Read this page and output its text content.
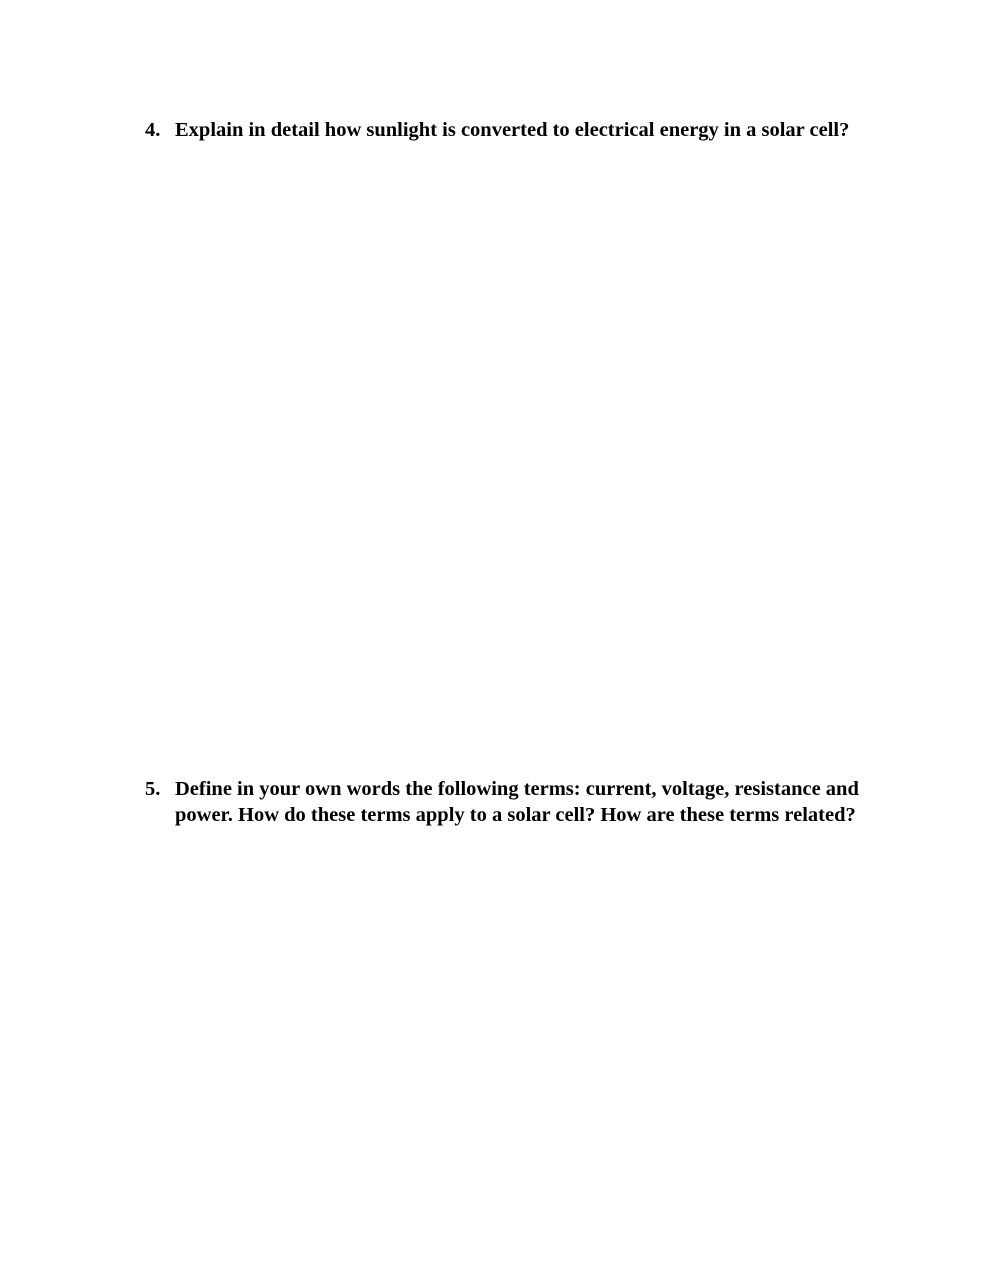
4. Explain in detail how sunlight is converted to electrical energy in a solar cell?
5. Define in your own words the following terms: current, voltage, resistance and power. How do these terms apply to a solar cell? How are these terms related?
